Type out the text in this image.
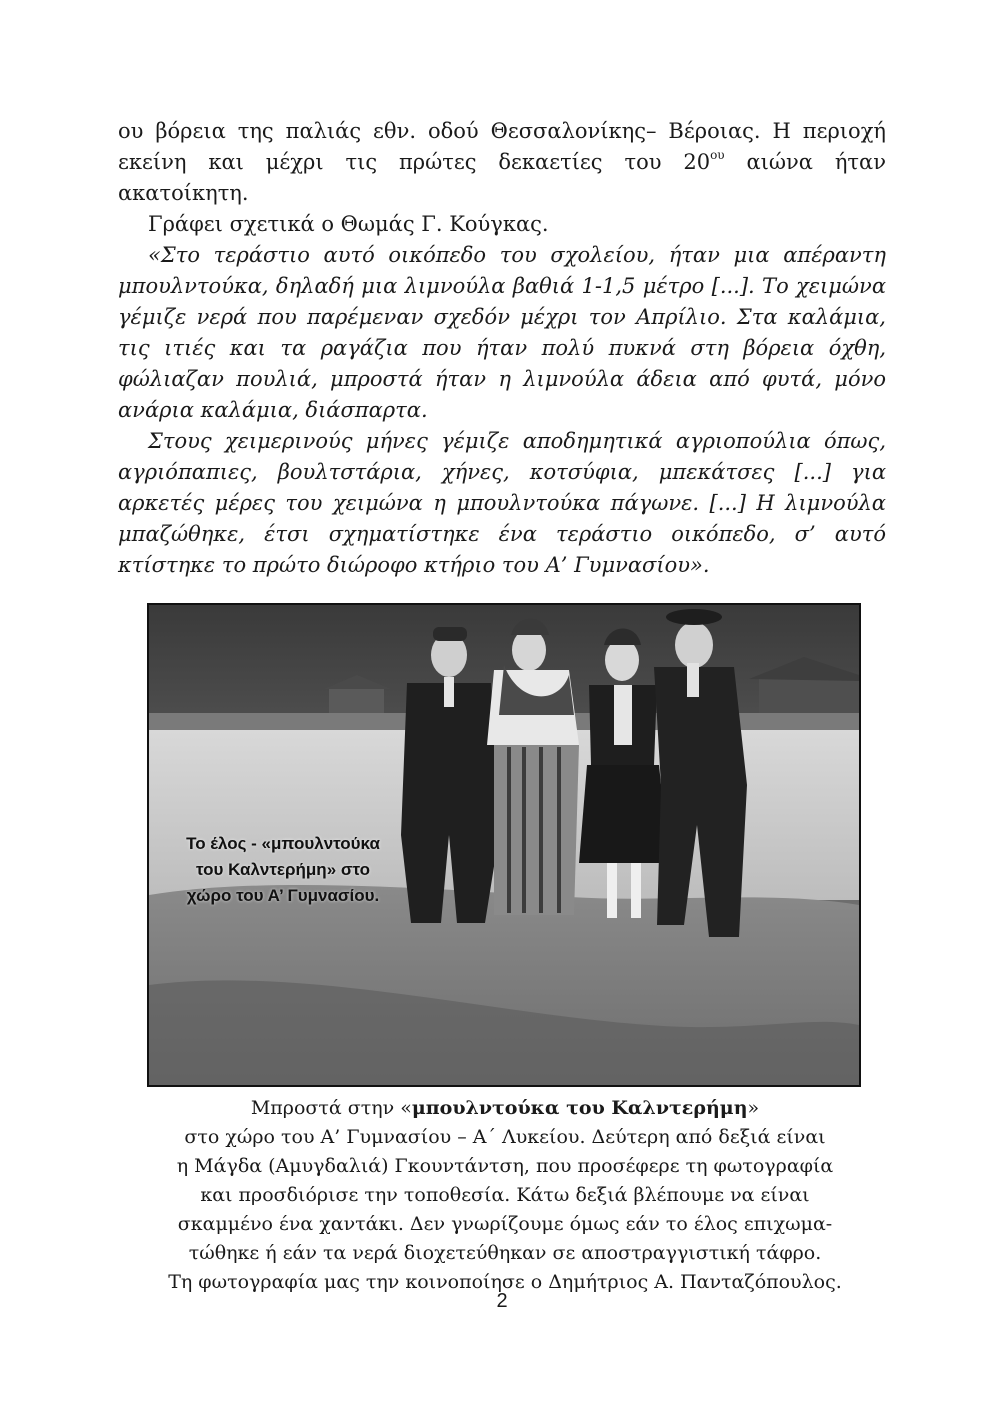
ου βόρεια της παλιάς εθν. οδού Θεσσαλονίκης– Βέροιας. Η περιοχή εκείνη και μέχρι τις πρώτες δεκαετίες του $20^{o\upsilon}$ αιώνα ήταν ακατοίκητη.

Γράφει σχετικά ο Θωμάς Γ. Κούγκας.

«Στο τεράστιο αυτό οικόπεδο του σχολείου, ήταν μια απέραντη μπουλντούκα, δηλαδή μια λιμνούλα βαθιά 1-1,5 μέτρο [...]. Το χειμώνα γέμιζε νερά που παρέμεναν σχεδόν μέχρι τον Απρίλιο. Στα καλάμια, τις ιτιές και τα ραγάζια που ήταν πολύ πυκνά στη βόρεια όχθη, φώλιαζαν πουλιά, μπροστά ήταν η λιμνούλα άδεια από φυτά, μόνο ανάρια καλάμια, διάσπαρτα.

Στους χειμερινούς μήνες γέμιζε αποδημητικά αγριοπούλια όπως, αγριόπαπιες, βουλτστάρια, χήνες, κοτσύφια, μπεκάτσες [...] για αρκετές μέρες του χειμώνα η μπουλντούκα πάγωνε. [...] Η λιμνούλα μπαζώθηκε, έτσι σχηματίστηκε ένα τεράστιο οικόπεδο, σ’ αυτό κτίστηκε το πρώτο διώροφο κτήριο του Α’ Γυμνασίου».

Το έλος - «μπουλντούκα
του Καλντερήμη» στο
χώρο του Α’ Γυμνασίου.
Μπροστά στην «μπουλντούκα του Καλντερήμη»
στο χώρο του Α’ Γυμνασίου – Α΄ Λυκείου. Δεύτερη από δεξιά είναι
η Μάγδα (Αμυγδαλιά) Γκουντάντση, που προσέφερε τη φωτογραφία
και προσδιόρισε την τοποθεσία. Κάτω δεξιά βλέπουμε να είναι
σκαμμένο ένα χαντάκι. Δεν γνωρίζουμε όμως εάν το έλος επιχωμα-
τώθηκε ή εάν τα νερά διοχετεύθηκαν σε αποστραγγιστική τάφρο.
Τη φωτογραφία μας την κοινοποίησε ο Δημήτριος Α. Πανταζόπουλος.
2
